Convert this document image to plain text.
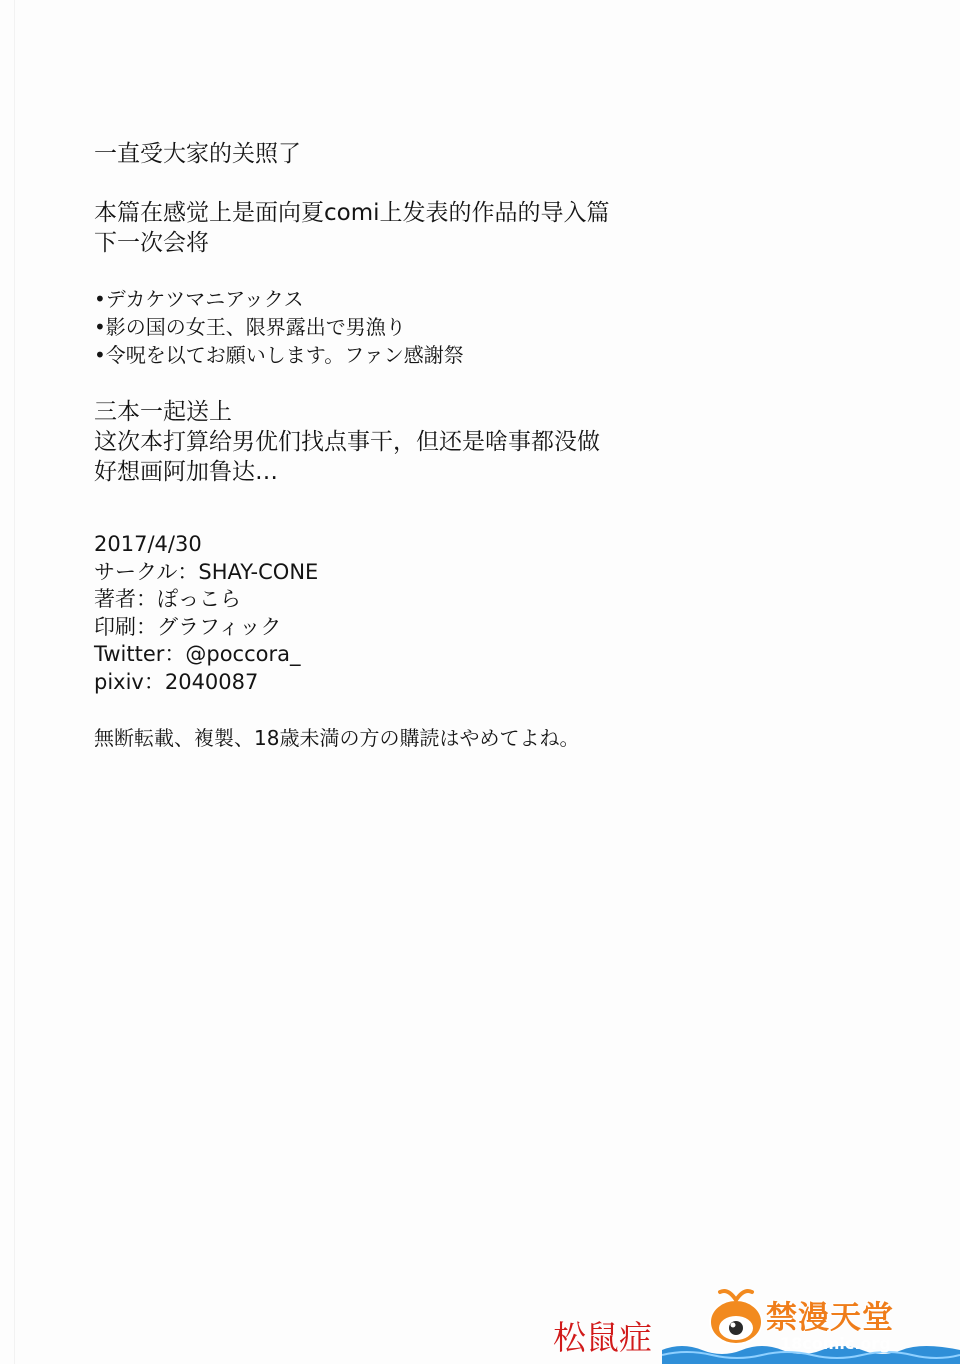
一直受大家的关照了
本篇在感觉上是面向夏comi上发表的作品的导入篇
下一次会将
•デカケツマニアックス
•影の国の女王、限界露出で男漁り
•令呪を以てお願いします。ファン感謝祭
三本一起送上
这次本打算给男优们找点事干，但还是啥事都没做
好想画阿加鲁达…
2017/4/30
サークル：SHAY-CONE
著者：ぽっこら
印刷：グラフィック
Twitter：@poccora_
pixiv：2040087
無断転載、複製、18歳未満の方の購読はやめてよね。
松鼠症	禁漫天堂
18comic.org
